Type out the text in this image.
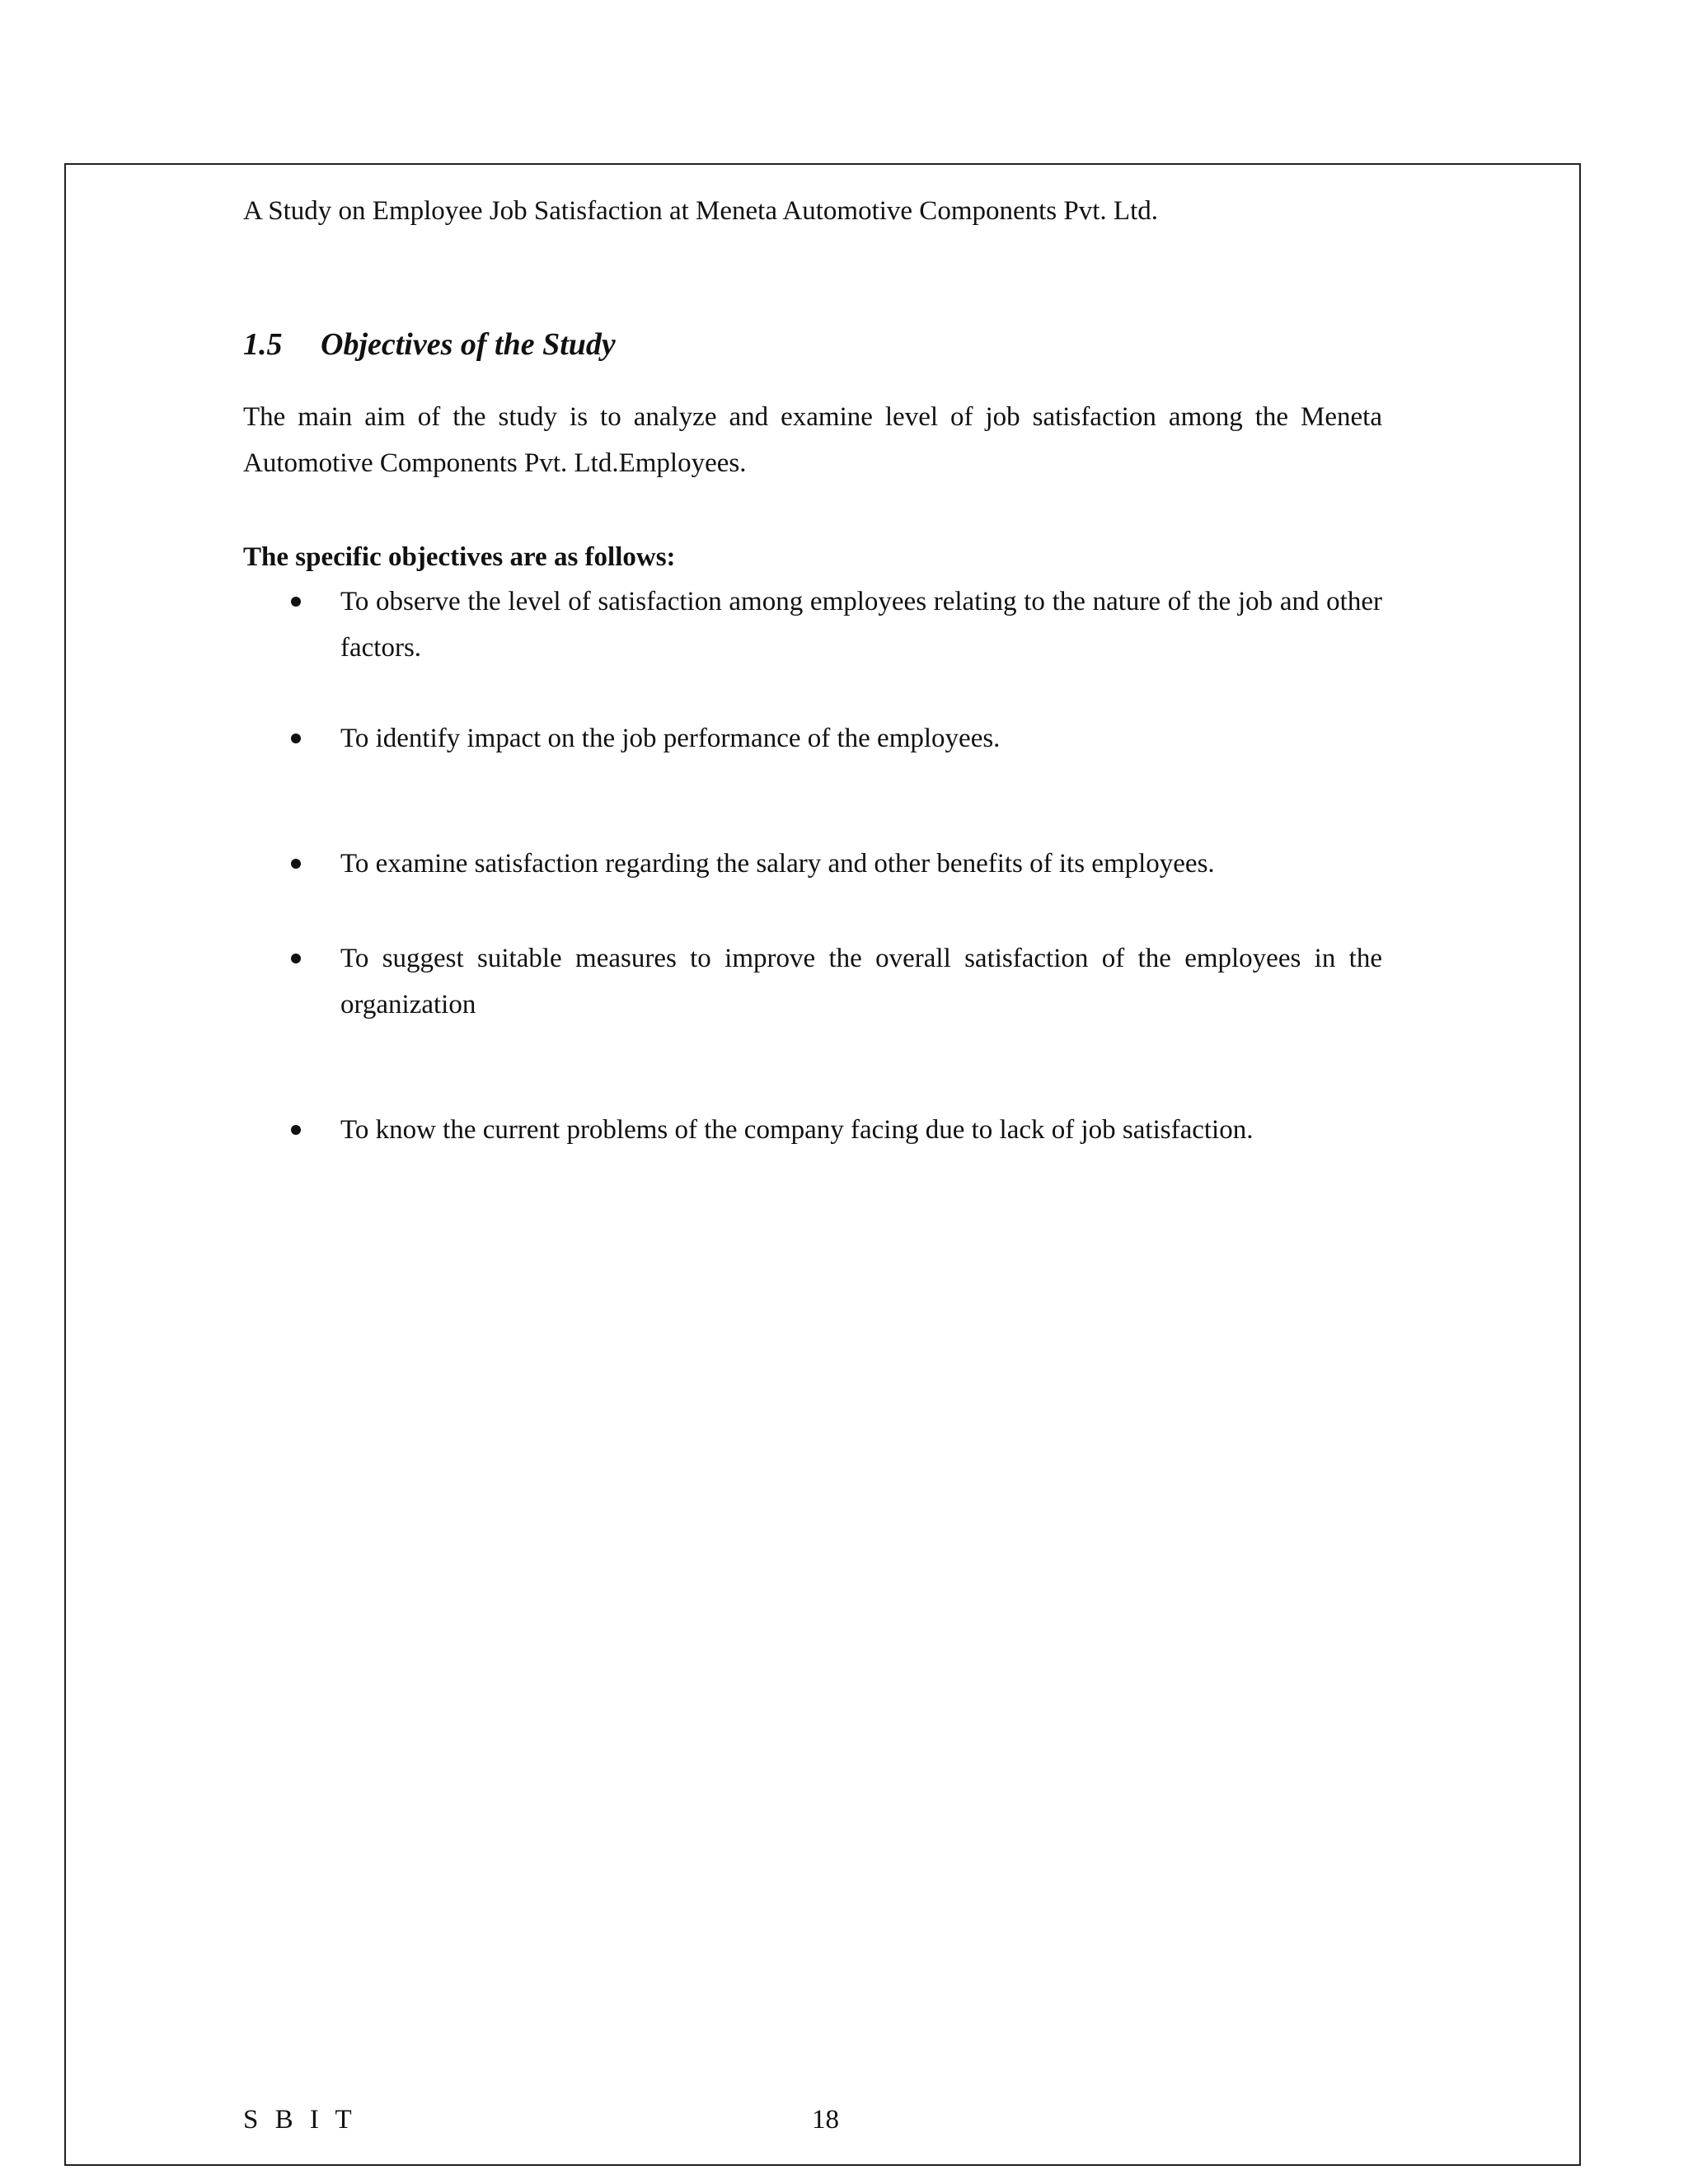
A Study on Employee Job Satisfaction at Meneta Automotive Components Pvt. Ltd.
1.5 Objectives of the Study

The main aim of the study is to analyze and examine level of job satisfaction among the Meneta Automotive Components Pvt. Ltd.Employees.

The specific objectives are as follows:
To observe the level of satisfaction among employees relating to the nature of the job and other factors.
To identify impact on the job performance of the employees.
To examine satisfaction regarding the salary and other benefits of its employees.
To suggest suitable measures to improve the overall satisfaction of the employees in the organization
To know the current problems of the company facing due to lack of job satisfaction.
S B I T	18
